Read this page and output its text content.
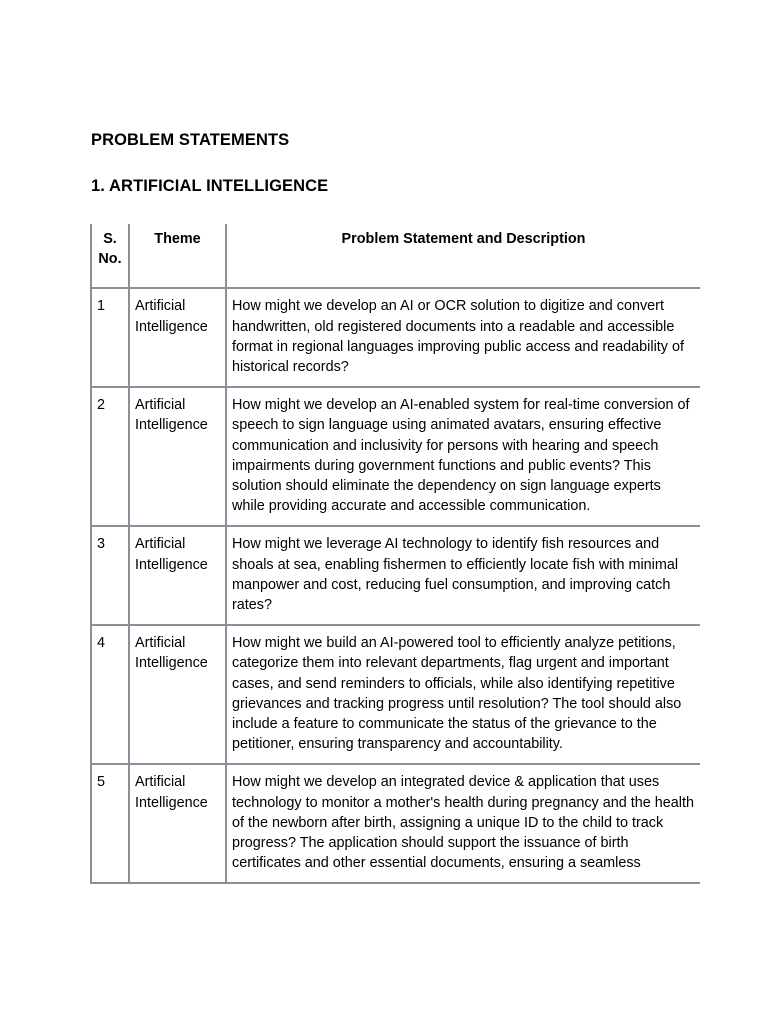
PROBLEM STATEMENTS
1. ARTIFICIAL INTELLIGENCE
S. No.	Theme	Problem Statement and Description
1	Artificial Intelligence	How might we develop an AI or OCR solution to digitize and convert handwritten, old registered documents into a readable and accessible format in regional languages improving public access and readability of historical records?
2	Artificial Intelligence	How might we develop an AI-enabled system for real-time conversion of speech to sign language using animated avatars, ensuring effective communication and inclusivity for persons with hearing and speech impairments during government functions and public events? This solution should eliminate the dependency on sign language experts while providing accurate and accessible communication.
3	Artificial Intelligence	How might we leverage AI technology to identify fish resources and shoals at sea, enabling fishermen to efficiently locate fish with minimal manpower and cost, reducing fuel consumption, and improving catch rates?
4	Artificial Intelligence	How might we build an AI-powered tool to efficiently analyze petitions, categorize them into relevant departments, flag urgent and important cases, and send reminders to officials, while also identifying repetitive grievances and tracking progress until resolution? The tool should also include a feature to communicate the status of the grievance to the petitioner, ensuring transparency and accountability.
5	Artificial Intelligence	How might we develop an integrated device & application that uses technology to monitor a mother's health during pregnancy and the health of the newborn after birth, assigning a unique ID to the child to track progress? The application should support the issuance of birth certificates and other essential documents, ensuring a seamless
